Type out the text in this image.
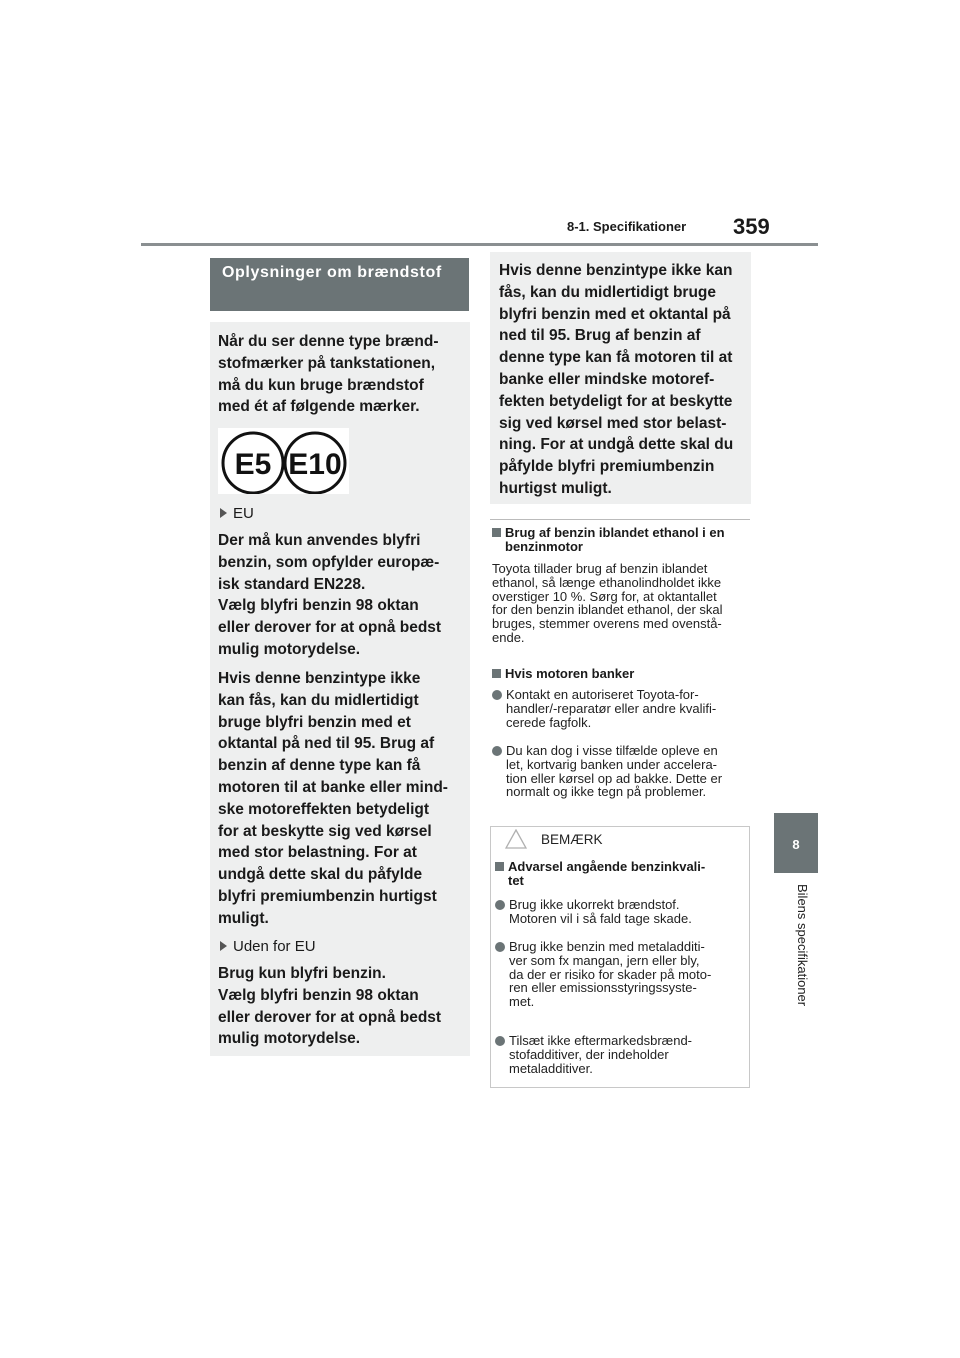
8-1. Specifikationer 359
8
Bilens specifikationer
Oplysninger om brændstof
Når du ser denne type brænd-
stofmærker på tankstationen,
må du kun bruge brændstof
med ét af følgende mærker.
E5 E10
EU
Der må kun anvendes blyfri
benzin, som opfylder europæ-
isk standard EN228.
Vælg blyfri benzin 98 oktan
eller derover for at opnå bedst
mulig motorydelse.
Hvis denne benzintype ikke
kan fås, kan du midlertidigt
bruge blyfri benzin med et
oktantal på ned til 95. Brug af
benzin af denne type kan få
motoren til at banke eller mind-
ske motoreffekten betydeligt
for at beskytte sig ved kørsel
med stor belastning. For at
undgå dette skal du påfylde
blyfri premiumbenzin hurtigst
muligt.
Uden for EU
Brug kun blyfri benzin.
Vælg blyfri benzin 98 oktan
eller derover for at opnå bedst
mulig motorydelse.
Hvis denne benzintype ikke kan
fås, kan du midlertidigt bruge
blyfri benzin med et oktantal på
ned til 95. Brug af benzin af
denne type kan få motoren til at
banke eller mindske motoref-
fekten betydeligt for at beskytte
sig ved kørsel med stor belast-
ning. For at undgå dette skal du
påfylde blyfri premiumbenzin
hurtigst muligt.
Brug af benzin iblandet ethanol i en
benzinmotor
Toyota tillader brug af benzin iblandet
ethanol, så længe ethanolindholdet ikke
overstiger 10 %. Sørg for, at oktantallet
for den benzin iblandet ethanol, der skal
bruges, stemmer overens med ovenstå-
ende.
Hvis motoren banker
Kontakt en autoriseret Toyota-for-
handler/-reparatør eller andre kvalifi-
cerede fagfolk.
Du kan dog i visse tilfælde opleve en
let, kortvarig banken under accelera-
tion eller kørsel op ad bakke. Dette er
normalt og ikke tegn på problemer.
BEMÆRK
Advarsel angående benzinkvali-
tet
Brug ikke ukorrekt brændstof.
Motoren vil i så fald tage skade.
Brug ikke benzin med metaladditi-
ver som fx mangan, jern eller bly,
da der er risiko for skader på moto-
ren eller emissionsstyringssyste-
met.
Tilsæt ikke eftermarkedsbrænd-
stofadditiver, der indeholder
metaladditiver.
